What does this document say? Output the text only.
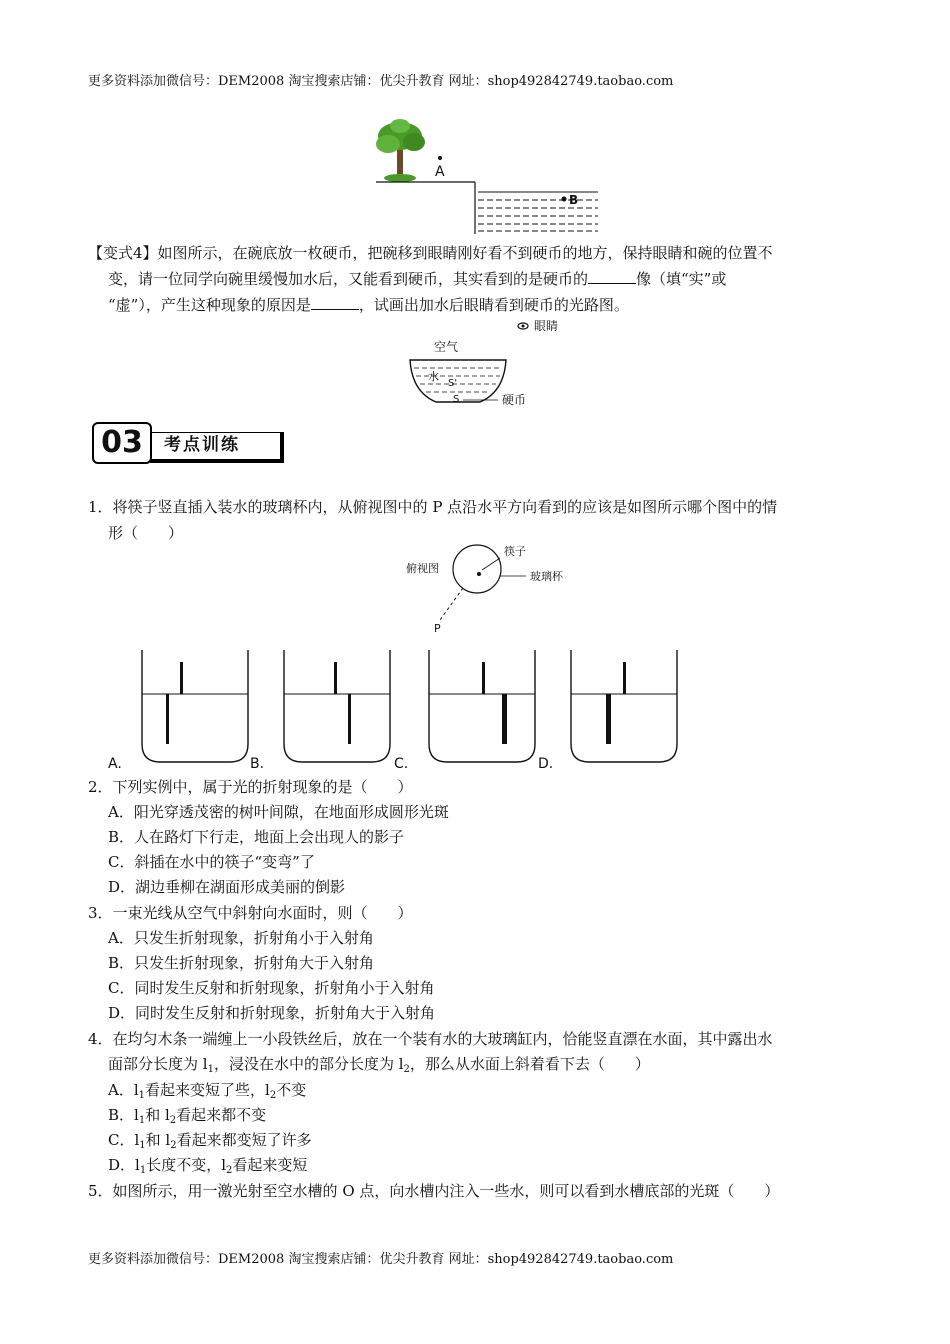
更多资料添加微信号：DEM2008 淘宝搜索店铺：优尖升教育 网址：shop492842749.taobao.com
A
B
【变式4】如图所示，在碗底放一枚硬币，把碗移到眼睛刚好看不到硬币的地方，保持眼睛和碗的位置不
变，请一位同学向碗里缓慢加水后，又能看到硬币，其实看到的是硬币的	像（填“实”或
“虚”），产生这种现象的原因是	，试画出加水后眼睛看到硬币的光路图。
眼睛
空气
水
S'
S	硬币
03	考点训练
1．将筷子竖直插入装水的玻璃杯内，从俯视图中的 P 点沿水平方向看到的应该是如图所示哪个图中的情
形（　　）
俯视图
筷子
玻璃杯
P
A.	B.	C.	D.
2．下列实例中，属于光的折射现象的是（　　）
A．阳光穿透茂密的树叶间隙，在地面形成圆形光斑
B．人在路灯下行走，地面上会出现人的影子
C．斜插在水中的筷子“变弯”了
D．湖边垂柳在湖面形成美丽的倒影
3．一束光线从空气中斜射向水面时，则（　　）
A．只发生折射现象，折射角小于入射角
B．只发生折射现象，折射角大于入射角
C．同时发生反射和折射现象，折射角小于入射角
D．同时发生反射和折射现象，折射角大于入射角
4．在均匀木条一端缠上一小段铁丝后，放在一个装有水的大玻璃缸内，恰能竖直漂在水面，其中露出水
面部分长度为 $l_1$，浸没在水中的部分长度为 $l_2$，那么从水面上斜着看下去（　　）
A．$l_1$看起来变短了些，$l_2$不变
B．$l_1$和 $l_2$看起来都不变
C．$l_1$和 $l_2$看起来都变短了许多
D．$l_1$长度不变，$l_2$看起来变短
5．如图所示，用一激光射至空水槽的 O 点，向水槽内注入一些水，则可以看到水槽底部的光斑（　　）
更多资料添加微信号：DEM2008 淘宝搜索店铺：优尖升教育 网址：shop492842749.taobao.com
